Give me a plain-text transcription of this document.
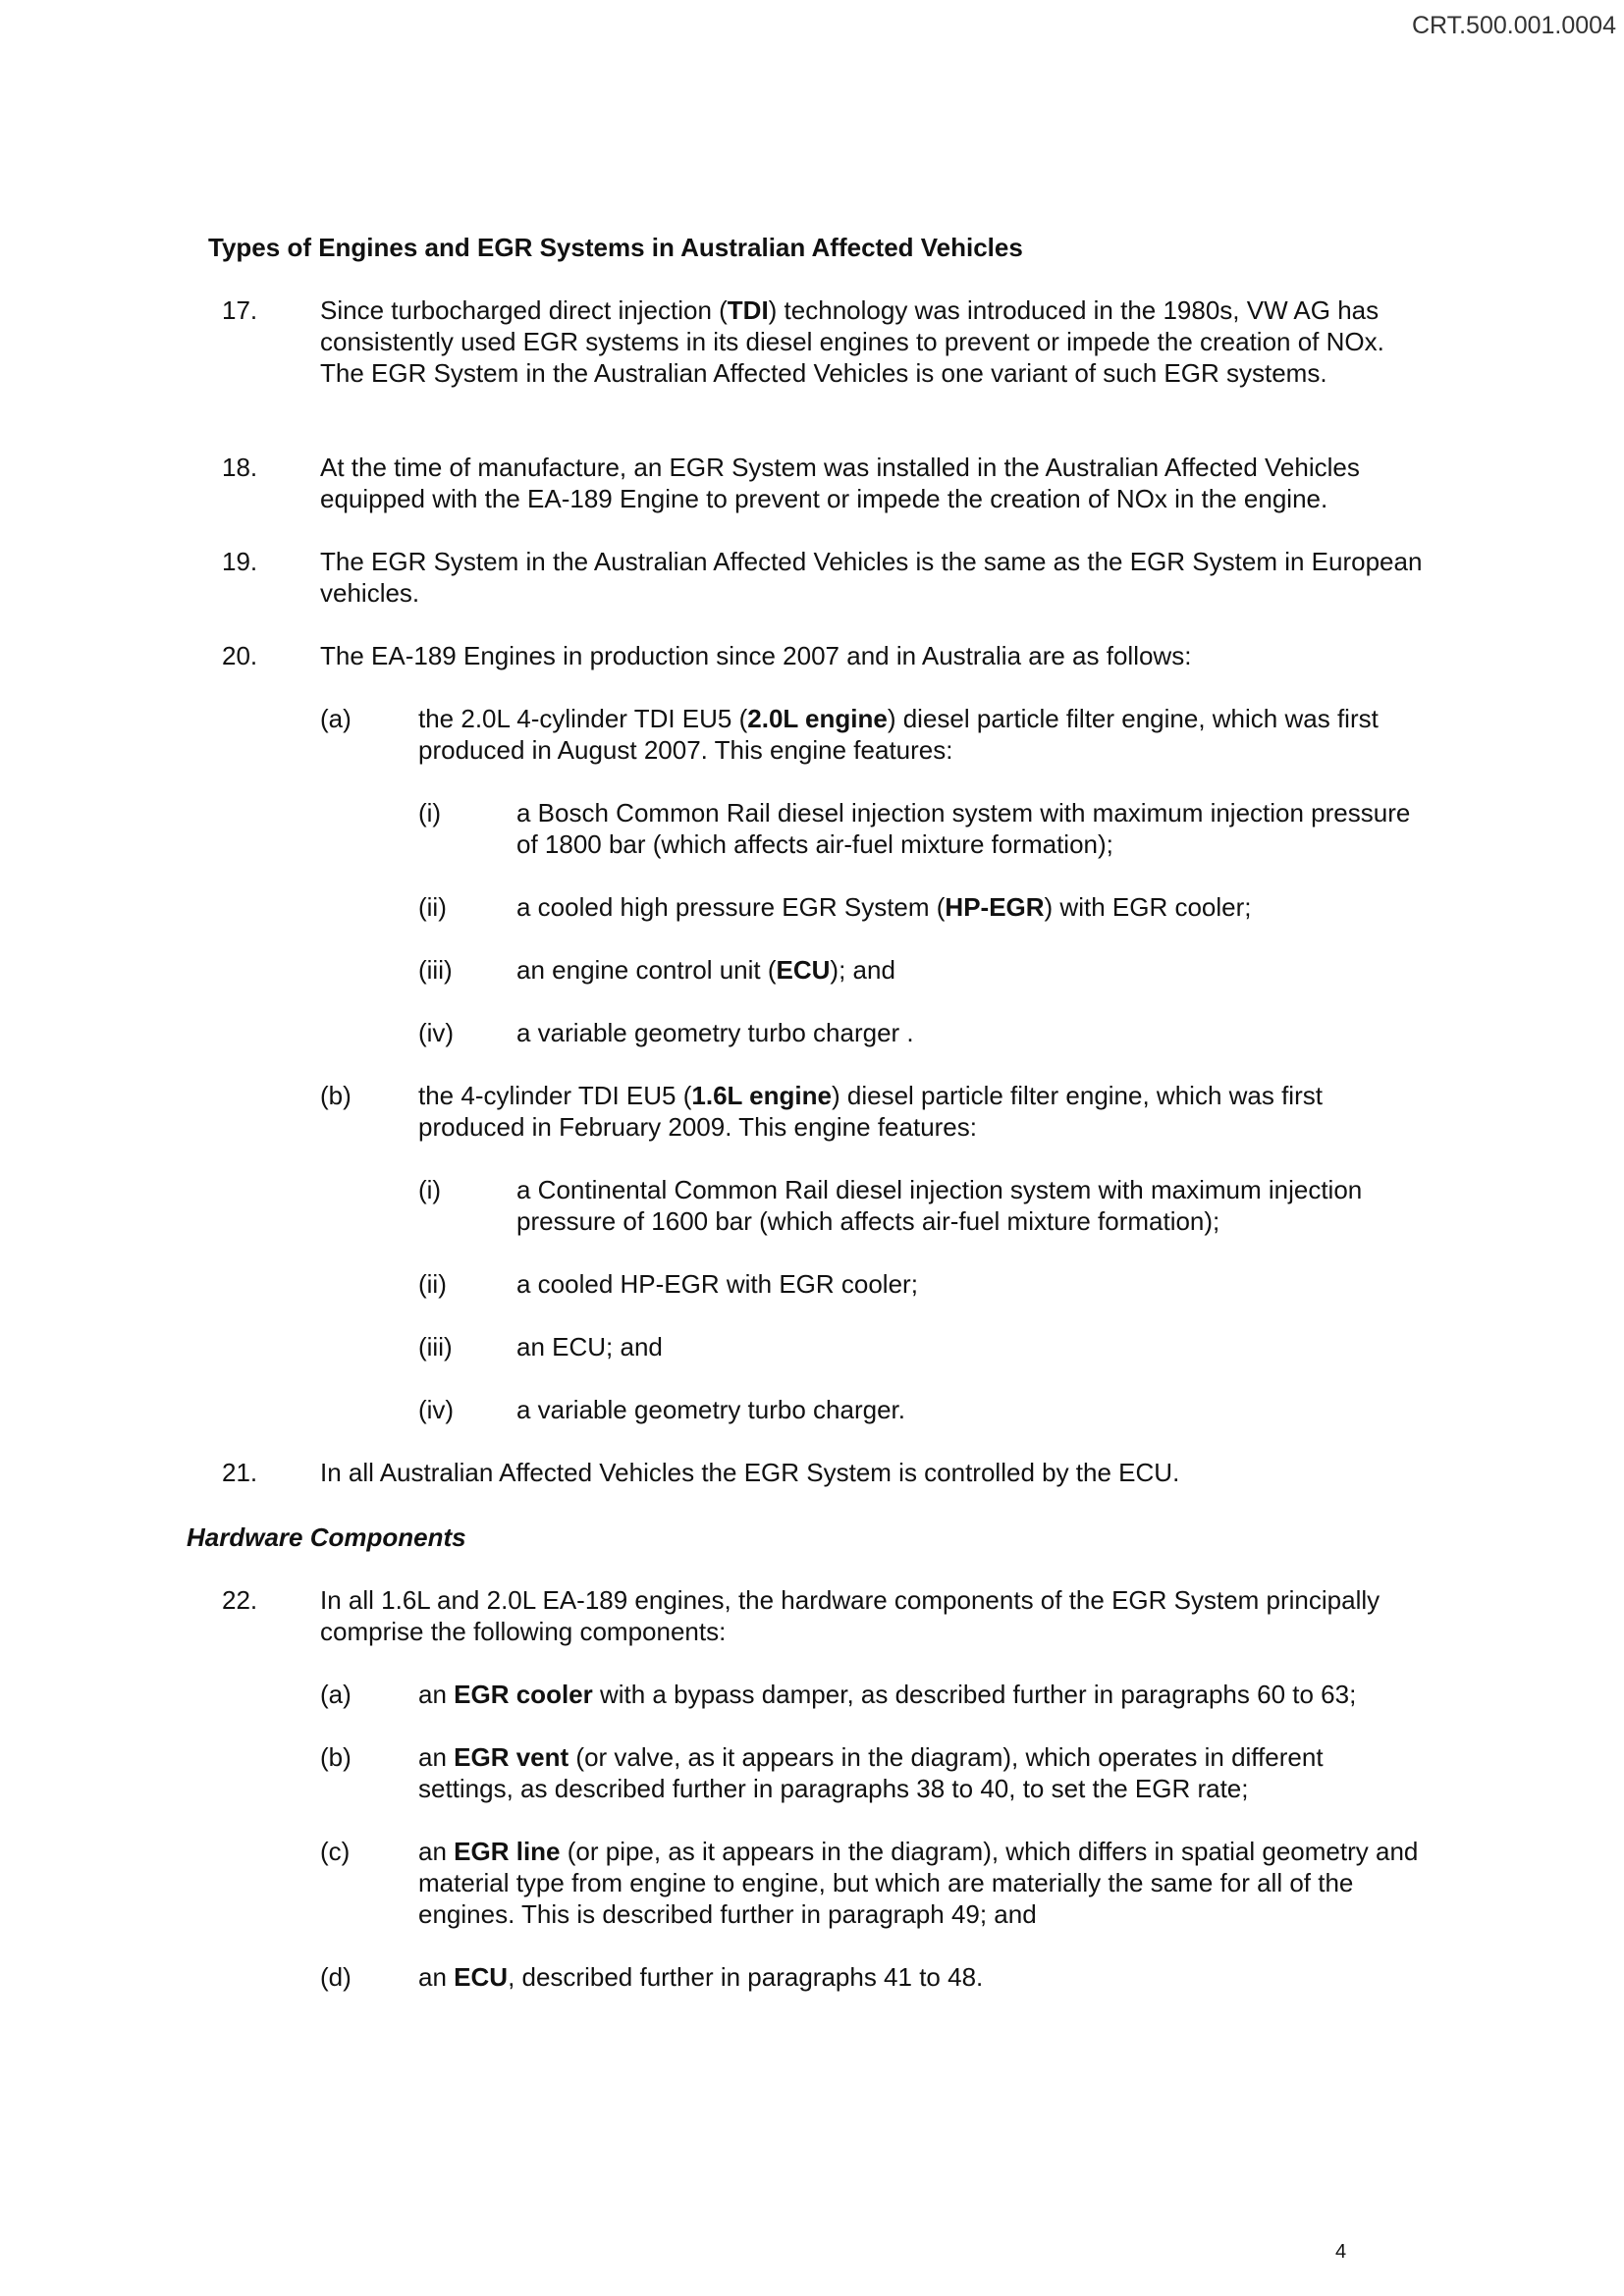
CRT.500.001.0004
Types of Engines and EGR Systems in Australian Affected Vehicles
17. Since turbocharged direct injection (TDI) technology was introduced in the 1980s, VW AG has consistently used EGR systems in its diesel engines to prevent or impede the creation of NOx. The EGR System in the Australian Affected Vehicles is one variant of such EGR systems.
18. At the time of manufacture, an EGR System was installed in the Australian Affected Vehicles equipped with the EA-189 Engine to prevent or impede the creation of NOx in the engine.
19. The EGR System in the Australian Affected Vehicles is the same as the EGR System in European vehicles.
20. The EA-189 Engines in production since 2007 and in Australia are as follows:
(a)	the 2.0L 4-cylinder TDI EU5 (2.0L engine) diesel particle filter engine, which was first produced in August 2007. This engine features:
(i)	a Bosch Common Rail diesel injection system with maximum injection pressure of 1800 bar (which affects air-fuel mixture formation);
(ii)	a cooled high pressure EGR System (HP-EGR) with EGR cooler;
(iii)	an engine control unit (ECU); and
(iv) a variable geometry turbo charger .
(b)	the 4-cylinder TDI EU5 (1.6L engine) diesel particle filter engine, which was first produced in February 2009. This engine features:
(i)	a Continental Common Rail diesel injection system with maximum injection pressure of 1600 bar (which affects air-fuel mixture formation);
(ii)	a cooled HP-EGR with EGR cooler;
(iii)	an ECU; and
(iv) a variable geometry turbo charger.
21. In all Australian Affected Vehicles the EGR System is controlled by the ECU.
Hardware Components
22. In all 1.6L and 2.0L EA-189 engines, the hardware components of the EGR System principally comprise the following components:
(a)	an EGR cooler with a bypass damper, as described further in paragraphs 60 to 63;
(b)	an EGR vent (or valve, as it appears in the diagram), which operates in different settings, as described further in paragraphs 38 to 40, to set the EGR rate;
(c)	an EGR line (or pipe, as it appears in the diagram), which differs in spatial geometry and material type from engine to engine, but which are materially the same for all of the engines. This is described further in paragraph 49; and
(d)	an ECU, described further in paragraphs 41 to 48.
4
